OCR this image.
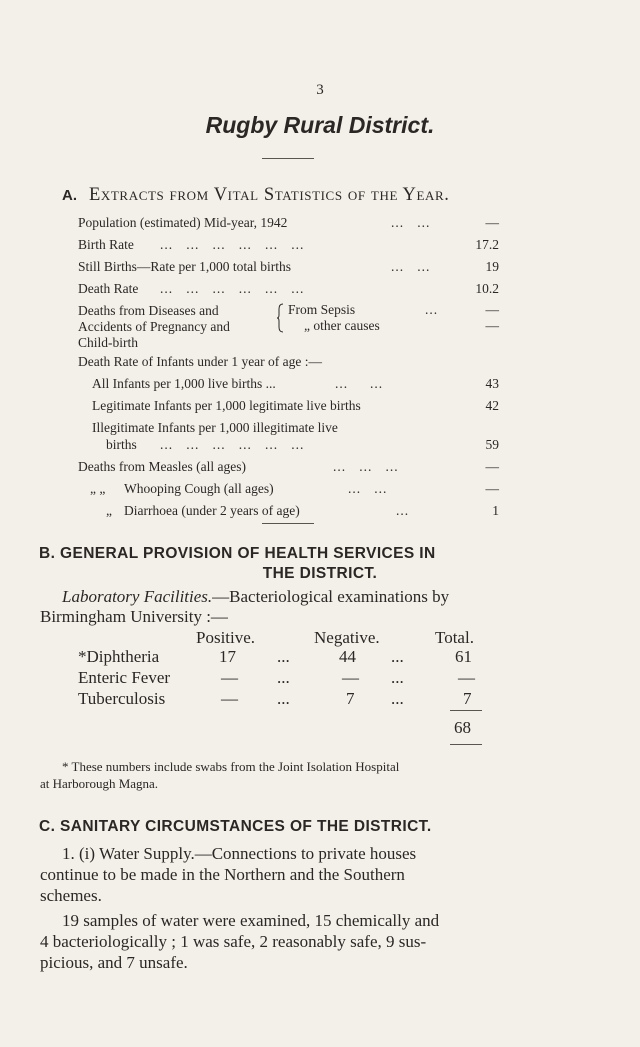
3
Rugby Rural District.
A. Extracts from Vital Statistics of the Year.
Population (estimated) Mid-year, 1942	...   ...	—
Birth Rate ...   ...   ...   ...   ...   ...	17.2
Still Births—Rate per 1,000 total births	...   ...	19
Death Rate ...   ...   ...   ...   ...   ...	10.2
Deaths from Diseases and
Accidents of Pregnancy and
Child-birth
From Sepsis	...	—
„ other causes	—
Death Rate of Infants under 1 year of age :—
All Infants per 1,000 live births ...	...     ...	43
Legitimate Infants per 1,000 legitimate live births	42
Illegitimate Infants per 1,000 illegitimate live
births ...   ...   ...   ...   ...   ...	59
Deaths from Measles (all ages)	...   ...   ...	—
„ „ Whooping Cough (all ages)	...   ...	—
„ Diarrhoea (under 2 years of age)	...	1
B. GENERAL PROVISION OF HEALTH SERVICES IN
THE DISTRICT.
Laboratory Facilities.—Bacteriological examinations by
Birmingham University :—
Positive.	Negative.	Total.
*Diphtheria	17 ...	44 ...	61
Enteric Fever	— ...	— ...	—
Tuberculosis	— ...	7 ...	7
68
* These numbers include swabs from the Joint Isolation Hospital
at Harborough Magna.
C. SANITARY CIRCUMSTANCES OF THE DISTRICT.
1. (i) Water Supply.—Connections to private houses
continue to be made in the Northern and the Southern
schemes.
19 samples of water were examined, 15 chemically and
4 bacteriologically ; 1 was safe, 2 reasonably safe, 9 sus-
picious, and 7 unsafe.
